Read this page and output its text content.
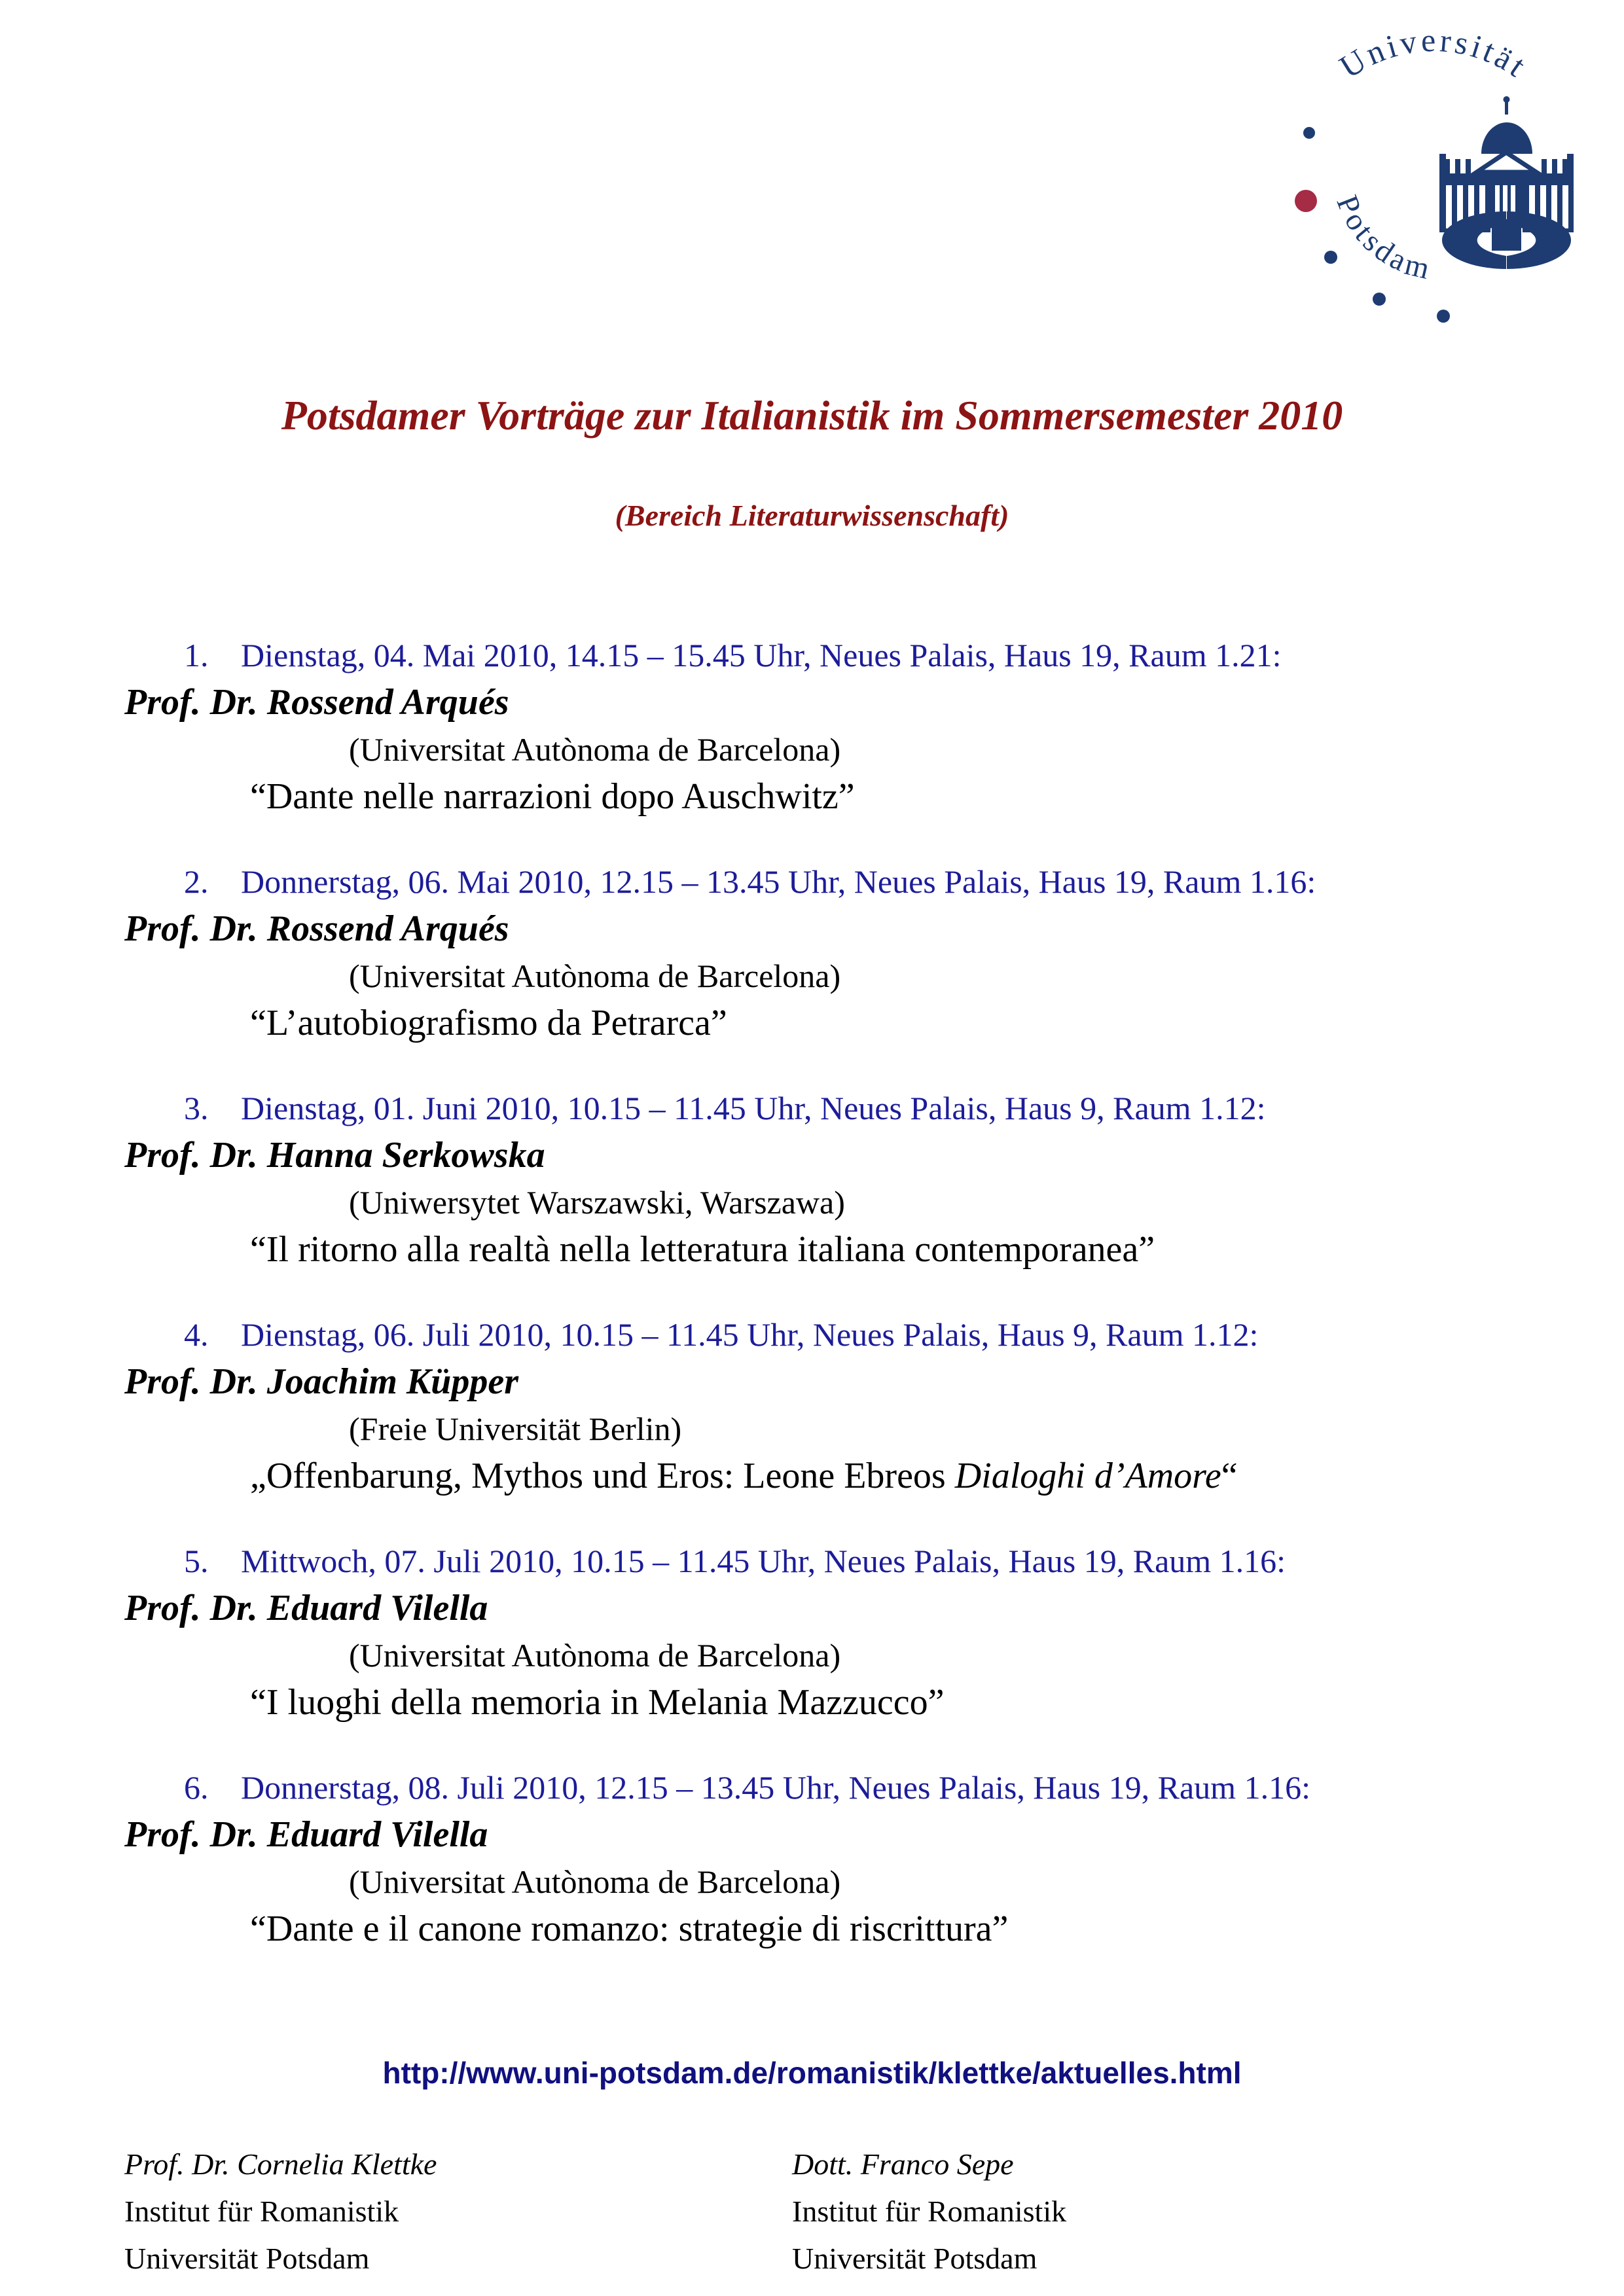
Universität
Potsdam
Potsdamer Vorträge zur Italianistik im Sommersemester 2010
(Bereich Literaturwissenschaft)

1. Dienstag, 04. Mai 2010, 14.15 – 15.45 Uhr, Neues Palais, Haus 19, Raum 1.21:

Prof. Dr. Rossend Arqués

(Universitat Autònoma de Barcelona)

“Dante nelle narrazioni dopo Auschwitz”

2. Donnerstag, 06. Mai 2010, 12.15 – 13.45 Uhr, Neues Palais, Haus 19, Raum 1.16:

Prof. Dr. Rossend Arqués

(Universitat Autònoma de Barcelona)

“L’autobiografismo da Petrarca”

3. Dienstag, 01. Juni 2010, 10.15 – 11.45 Uhr, Neues Palais, Haus 9, Raum 1.12:

Prof. Dr. Hanna Serkowska

(Uniwersytet Warszawski, Warszawa)

“Il ritorno alla realtà nella letteratura italiana contemporanea”

4. Dienstag, 06. Juli 2010, 10.15 – 11.45 Uhr, Neues Palais, Haus 9, Raum 1.12:

Prof. Dr. Joachim Küpper

(Freie Universität Berlin)

„Offenbarung, Mythos und Eros: Leone Ebreos Dialoghi d’Amore“

5. Mittwoch, 07. Juli 2010, 10.15 – 11.45 Uhr, Neues Palais, Haus 19, Raum 1.16:

Prof. Dr. Eduard Vilella

(Universitat Autònoma de Barcelona)

“I luoghi della memoria in Melania Mazzucco”

6. Donnerstag, 08. Juli 2010, 12.15 – 13.45 Uhr, Neues Palais, Haus 19, Raum 1.16:

Prof. Dr. Eduard Vilella

(Universitat Autònoma de Barcelona)

“Dante e il canone romanzo: strategie di riscrittura”

http://www.uni-potsdam.de/romanistik/klettke/aktuelles.html

Prof. Dr. Cornelia Klettke

Institut für Romanistik

Universität Potsdam

Dott. Franco Sepe

Institut für Romanistik

Universität Potsdam
